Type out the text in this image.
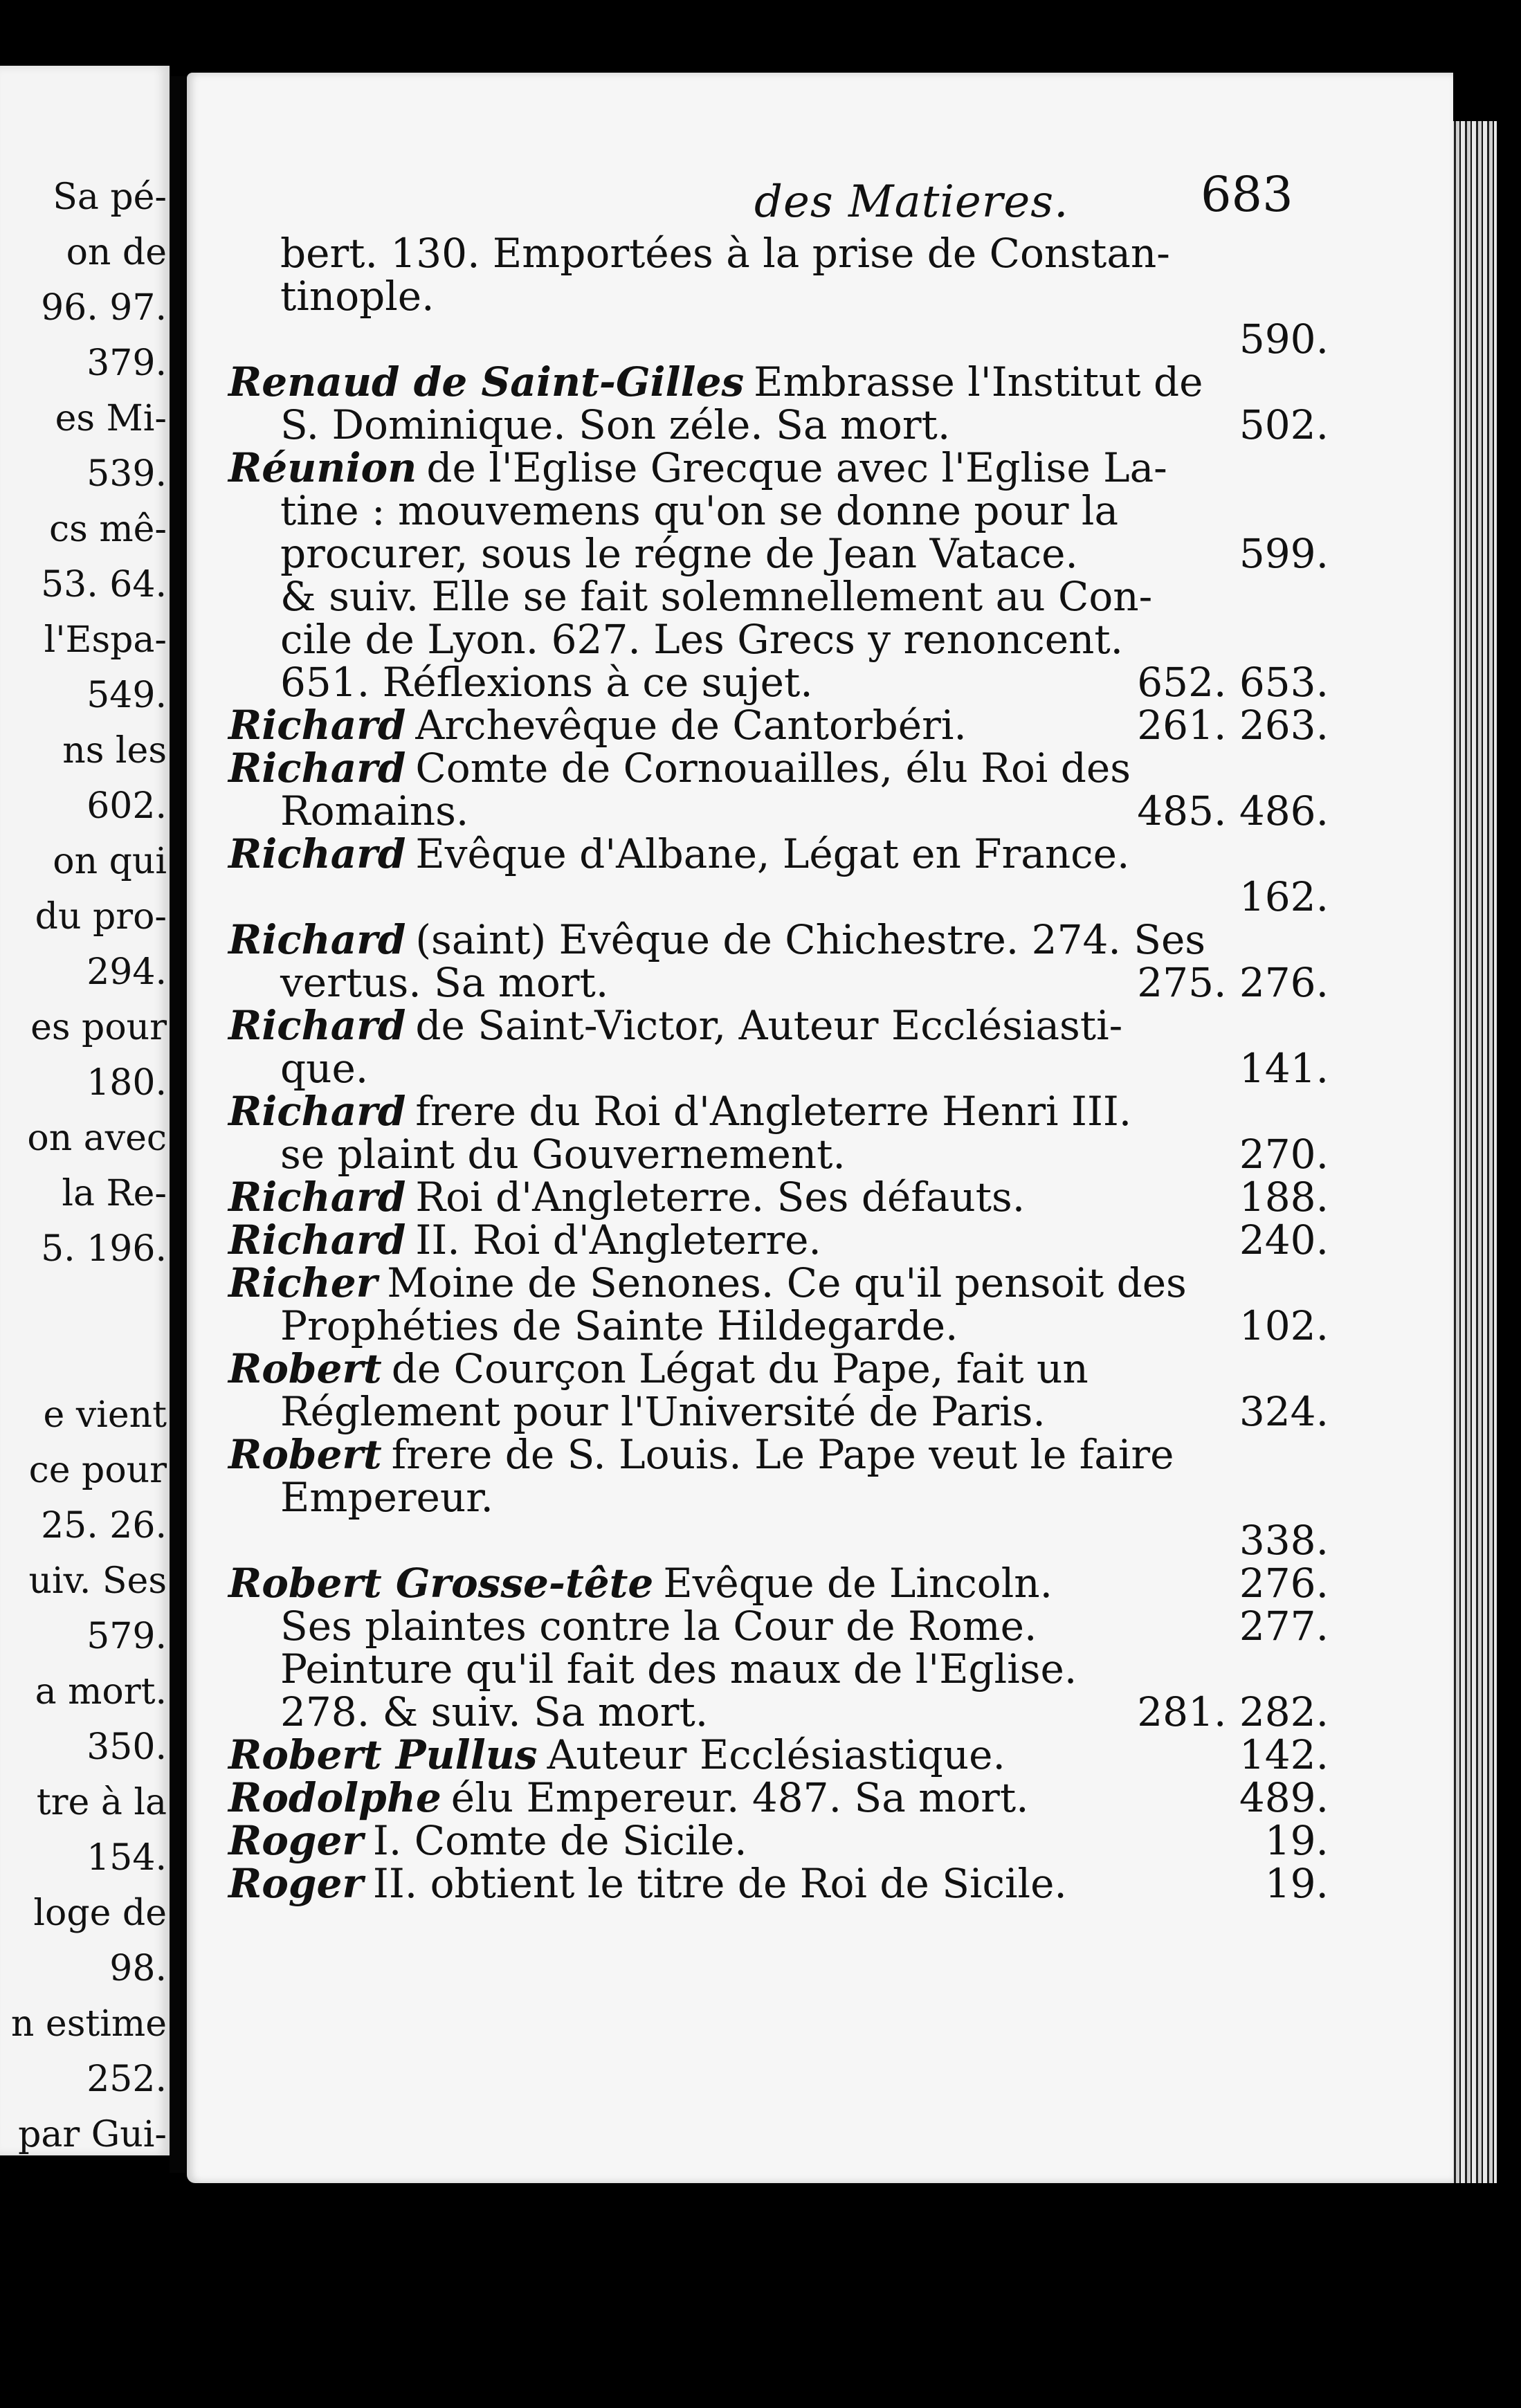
Sa pé-
on de
96. 97.
379.
es Mi-
539.
cs mê-
53. 64.
l'Espa-
549.
ns les
602.
on qui
du pro-
294.
es pour
180.
on avec
la Re-
5. 196.
e vient
ce pour
25. 26.
uiv. Ses
579.
a mort.
350.
tre à la
154.
loge de
98.
n estime
252.
par Gui-
des Matieres.	683
bert. 130. Emportées à la prise de Constan-
tinople.
590.
Renaud de Saint-Gilles Embrasse l'Institut de
S. Dominique. Son zéle. Sa mort.	502.
Réunion de l'Eglise Grecque avec l'Eglise La-
tine : mouvemens qu'on se donne pour la
procurer, sous le régne de Jean Vatace.	599.
& suiv. Elle se fait solemnellement au Con-
cile de Lyon. 627. Les Grecs y renoncent.
651. Réflexions à ce sujet.	652. 653.
Richard Archevêque de Cantorbéri.	261. 263.
Richard Comte de Cornouailles, élu Roi des
Romains.	485. 486.
Richard Evêque d'Albane, Légat en France.
162.
Richard (saint) Evêque de Chichestre. 274. Ses
vertus. Sa mort.	275. 276.
Richard de Saint-Victor, Auteur Ecclésiasti-
que.	141.
Richard frere du Roi d'Angleterre Henri III.
se plaint du Gouvernement.	270.
Richard Roi d'Angleterre. Ses défauts.	188.
Richard II. Roi d'Angleterre.	240.
Richer Moine de Senones. Ce qu'il pensoit des
Prophéties de Sainte Hildegarde.	102.
Robert de Courçon Légat du Pape, fait un
Réglement pour l'Université de Paris.	324.
Robert frere de S. Louis. Le Pape veut le faire
Empereur.
338.
Robert Grosse-tête Evêque de Lincoln.	276.
Ses plaintes contre la Cour de Rome.	277.
Peinture qu'il fait des maux de l'Eglise.
278. & suiv. Sa mort.	281. 282.
Robert Pullus Auteur Ecclésiastique.	142.
Rodolphe élu Empereur. 487. Sa mort.	489.
Roger I. Comte de Sicile.	19.
Roger II. obtient le titre de Roi de Sicile.	19.
